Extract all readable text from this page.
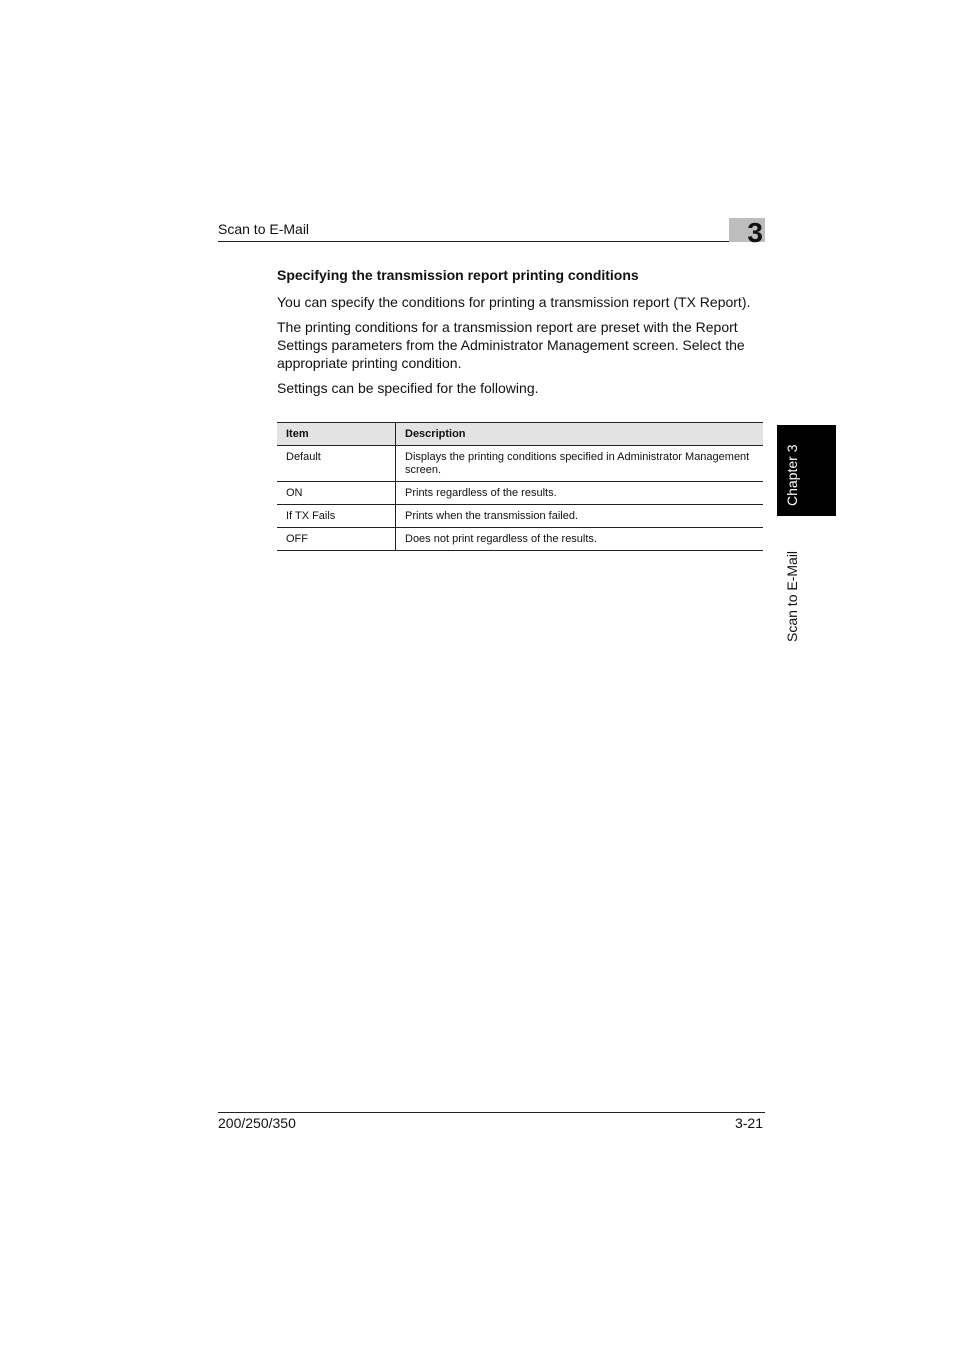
Scan to E-Mail	3
Specifying the transmission report printing conditions

You can specify the conditions for printing a transmission report (TX Report).

The printing conditions for a transmission report are preset with the Report Settings parameters from the Administrator Management screen. Select the appropriate printing condition.

Settings can be specified for the following.

Item	Description
Default	Displays the printing conditions specified in Administrator Management screen.
ON	Prints regardless of the results.
If TX Fails	Prints when the transmission failed.
OFF	Does not print regardless of the results.
Chapter 3
Scan to E-Mail
200/250/350	3-21
